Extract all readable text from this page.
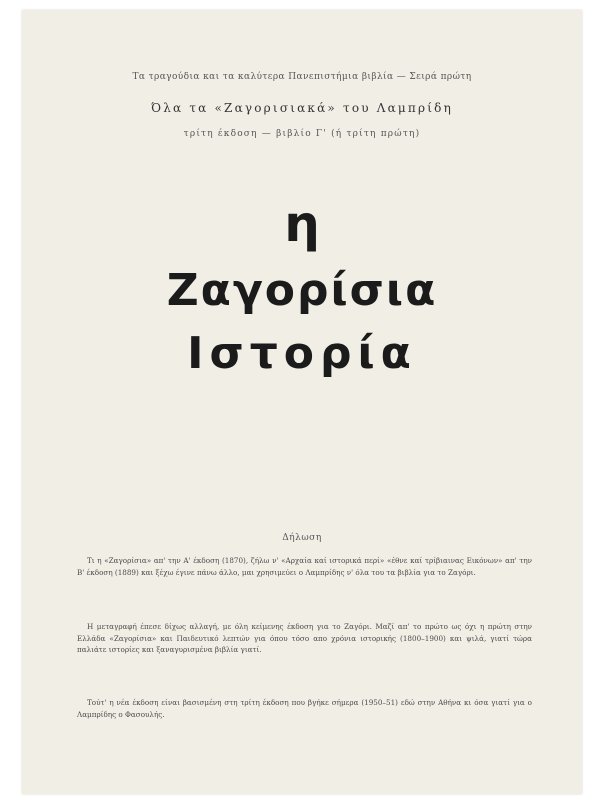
Τα τραγούδια και τα καλύτερα Πανεπιστήμια βιβλία — Σειρά πρώτη
Όλα τα «Ζαγορισιακά» του Λαμπρίδη
τρίτη έκδοση — βιβλίο Γ' (ή τρίτη πρώτη)
η
Ζαγορίσια
Ιστορία
Δήλωση
Τι η «Ζαγορίσια» απ' την Α' έκδοση (1870), ζήλω ν' «Αρχαία καί ιστορικά περί» «έθνε καί τρίβιαινας Εικόνων» απ' την Β' έκδοση (1889) και ξέχω έγινε πάνω άλλο, μαι χρησιμεύει ο Λαμπρίδης ν' όλα του τα βιβλία για το Ζαγόρι.
Η μεταγραφή έπεσε δίχως αλλαγή, με όλη κείμενης έκδοση για το Ζαγόρι. Μαζί απ' το πρώτο ως όχι η πρώτη στην Ελλάδα «Ζαγορίσια» και Παιδευτικό λεπτών για όπου τόσο απο χρόνια ιστορικής (1800–1900) και ψιλά, γιατί τώρα παλιάτε ιστορίες και ξαναγυρισμένα βιβλία γιατί.
Τούτ' η νέα έκδοση είναι βασισμένη στη τρίτη έκδοση που βγήκε σήμερα (1950–51) εδώ στην Αθήνα κι όσα γιατί για ο Λαμπρίδης ο Φασουλής.
